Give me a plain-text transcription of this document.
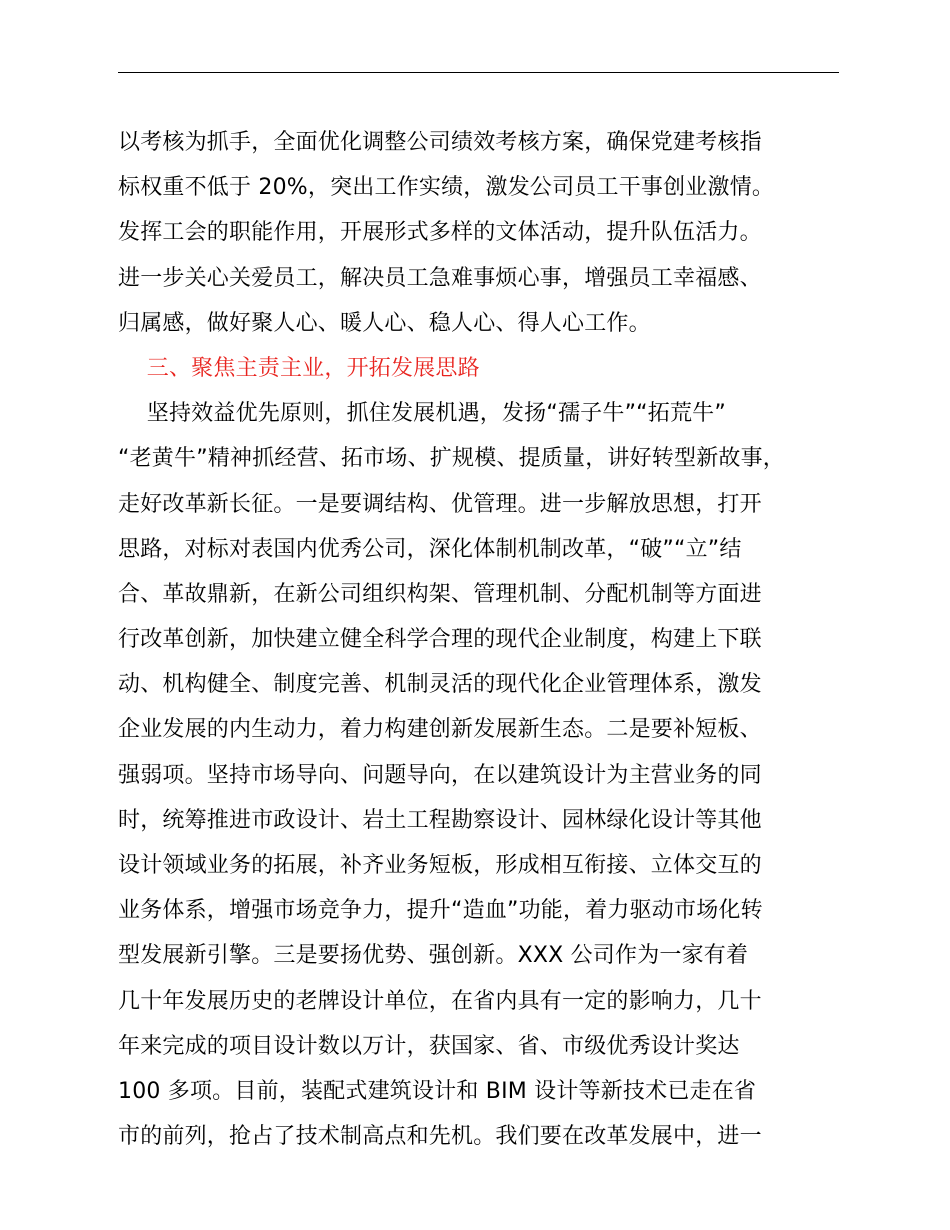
以考核为抓手，全面优化调整公司绩效考核方案，确保党建考核指
标权重不低于 20%，突出工作实绩，激发公司员工干事创业激情。
发挥工会的职能作用，开展形式多样的文体活动，提升队伍活力。
进一步关心关爱员工，解决员工急难事烦心事，增强员工幸福感、
归属感，做好聚人心、暖人心、稳人心、得人心工作。
三、聚焦主责主业，开拓发展思路
坚持效益优先原则，抓住发展机遇，发扬“孺子牛”“拓荒牛”
“老黄牛”精神抓经营、拓市场、扩规模、提质量，讲好转型新故事，
走好改革新长征。一是要调结构、优管理。进一步解放思想，打开
思路，对标对表国内优秀公司，深化体制机制改革，“破”“立”结
合、革故鼎新，在新公司组织构架、管理机制、分配机制等方面进
行改革创新，加快建立健全科学合理的现代企业制度，构建上下联
动、机构健全、制度完善、机制灵活的现代化企业管理体系，激发
企业发展的内生动力，着力构建创新发展新生态。二是要补短板、
强弱项。坚持市场导向、问题导向，在以建筑设计为主营业务的同
时，统筹推进市政设计、岩土工程勘察设计、园林绿化设计等其他
设计领域业务的拓展，补齐业务短板，形成相互衔接、立体交互的
业务体系，增强市场竞争力，提升“造血”功能，着力驱动市场化转
型发展新引擎。三是要扬优势、强创新。XXX 公司作为一家有着
几十年发展历史的老牌设计单位，在省内具有一定的影响力，几十
年来完成的项目设计数以万计，获国家、省、市级优秀设计奖达
100 多项。目前，装配式建筑设计和 BIM 设计等新技术已走在省
市的前列，抢占了技术制高点和先机。我们要在改革发展中，进一
